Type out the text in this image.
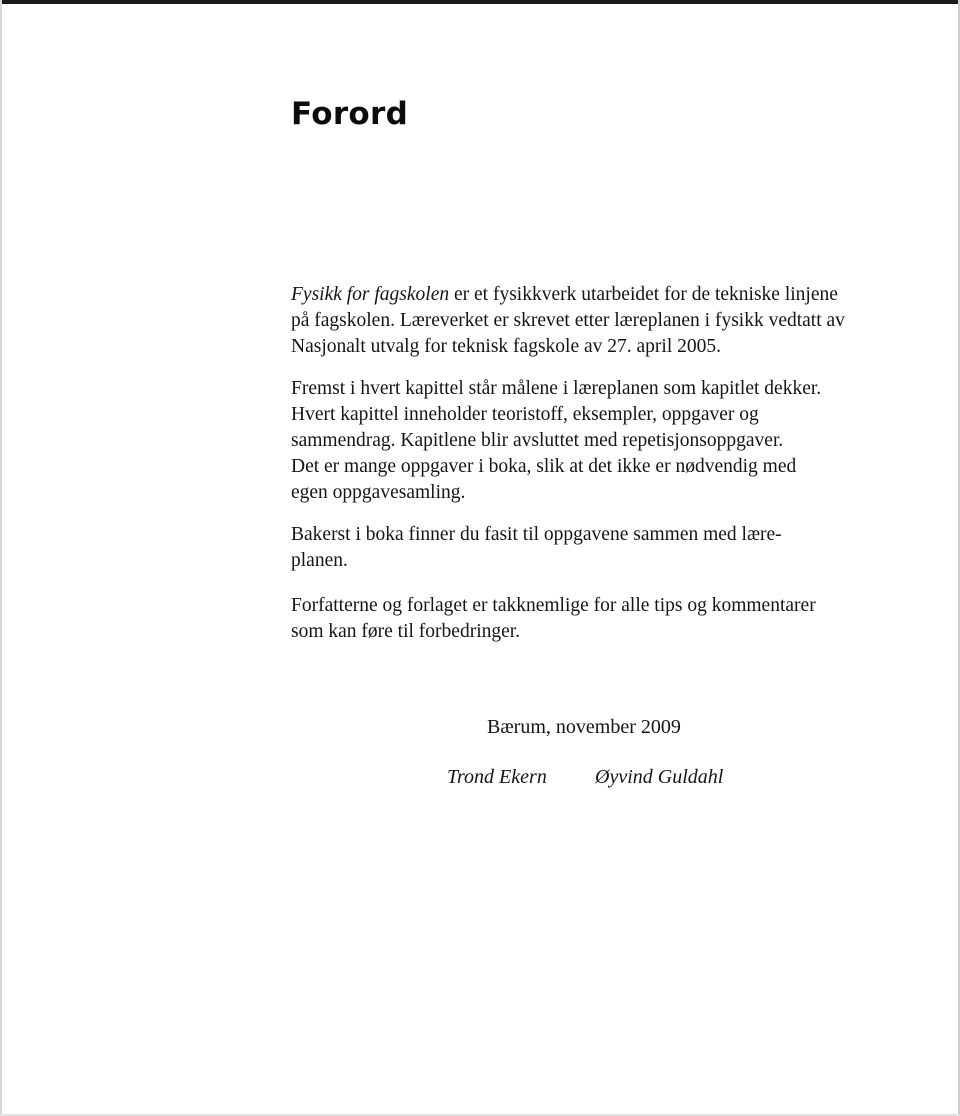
Forord

Fysikk for fagskolen er et fysikkverk utarbeidet for de tekniske linjene
på fagskolen. Læreverket er skrevet etter læreplanen i fysikk vedtatt av
Nasjonalt utvalg for teknisk fagskole av 27. april 2005.

Fremst i hvert kapittel står målene i læreplanen som kapitlet dekker.
Hvert kapittel inneholder teoristoff, eksempler, oppgaver og
sammendrag. Kapitlene blir avsluttet med repetisjonsoppgaver.
Det er mange oppgaver i boka, slik at det ikke er nødvendig med
egen oppgavesamling.

Bakerst i boka finner du fasit til oppgavene sammen med lære-
planen.

Forfatterne og forlaget er takknemlige for alle tips og kommentarer
som kan føre til forbedringer.

Bærum, november 2009

Trond Ekern Øyvind Guldahl
